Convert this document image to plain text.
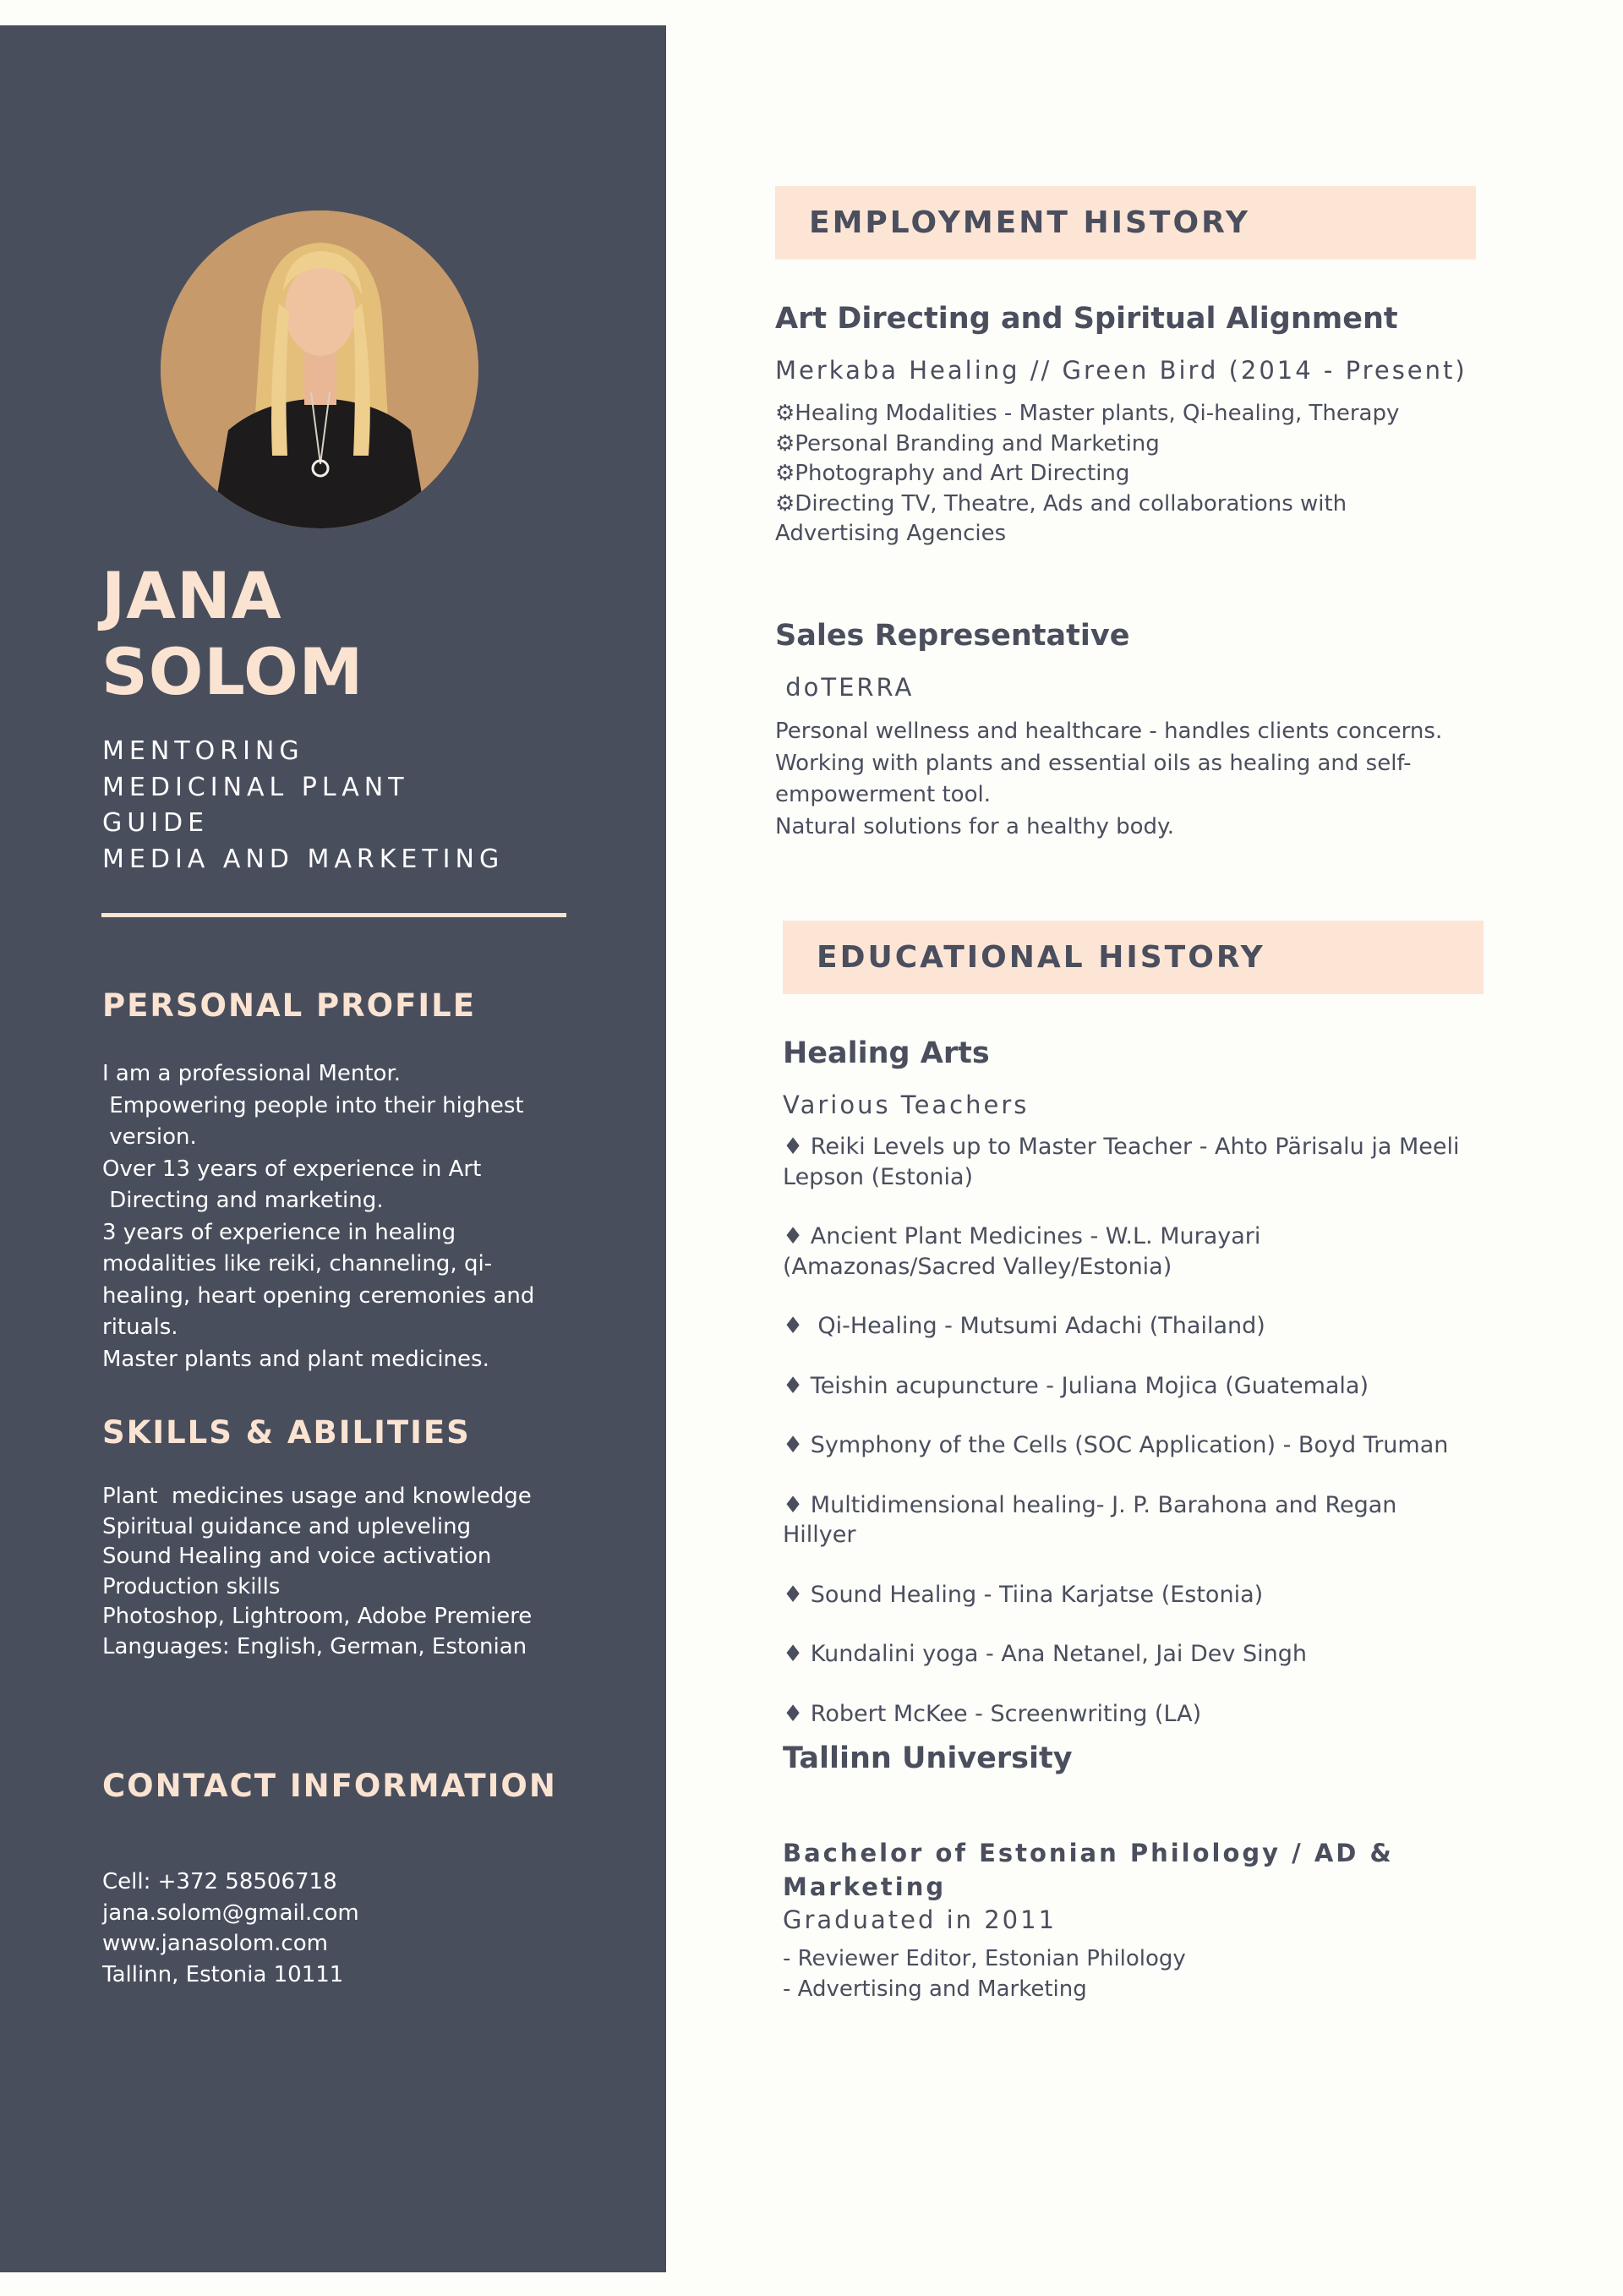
JANA
SOLOM
MENTORING
MEDICINAL PLANT
GUIDE
MEDIA AND MARKETING
PERSONAL PROFILE
I am a professional Mentor.
Empowering people into their highest
version.
Over 13 years of experience in Art
Directing and marketing.
3 years of experience in healing
modalities like reiki, channeling, qi-
healing, heart opening ceremonies and
rituals.
Master plants and plant medicines.
SKILLS & ABILITIES
Plant  medicines usage and knowledge
Spiritual guidance and upleveling
Sound Healing and voice activation
Production skills
Photoshop, Lightroom, Adobe Premiere
Languages: English, German, Estonian
CONTACT INFORMATION
Cell: +372 58506718
jana.solom@gmail.com
www.janasolom.com
Tallinn, Estonia 10111
EMPLOYMENT HISTORY
Art Directing and Spiritual Alignment
Merkaba Healing // Green Bird (2014 - Present)
⚙Healing Modalities - Master plants, Qi-healing, Therapy
⚙Personal Branding and Marketing
⚙Photography and Art Directing
⚙Directing TV, Theatre, Ads and collaborations with
Advertising Agencies
Sales Representative
doTERRA
Personal wellness and healthcare - handles clients concerns.
Working with plants and essential oils as healing and self-
empowerment tool.
Natural solutions for a healthy body.
EDUCATIONAL HISTORY
Healing Arts
Various Teachers
♦ Reiki Levels up to Master Teacher - Ahto Pärisalu ja Meeli
Lepson (Estonia)
♦ Ancient Plant Medicines - W.L. Murayari
(Amazonas/Sacred Valley/Estonia)
♦  Qi-Healing - Mutsumi Adachi (Thailand)
♦ Teishin acupuncture - Juliana Mojica (Guatemala)
♦ Symphony of the Cells (SOC Application) - Boyd Truman
♦ Multidimensional healing- J. P. Barahona and Regan
Hillyer
♦ Sound Healing - Tiina Karjatse (Estonia)
♦ Kundalini yoga - Ana Netanel, Jai Dev Singh
♦ Robert McKee - Screenwriting (LA)
Tallinn University
Bachelor of Estonian Philology / AD &
Marketing
Graduated in 2011
- Reviewer Editor, Estonian Philology
- Advertising and Marketing
